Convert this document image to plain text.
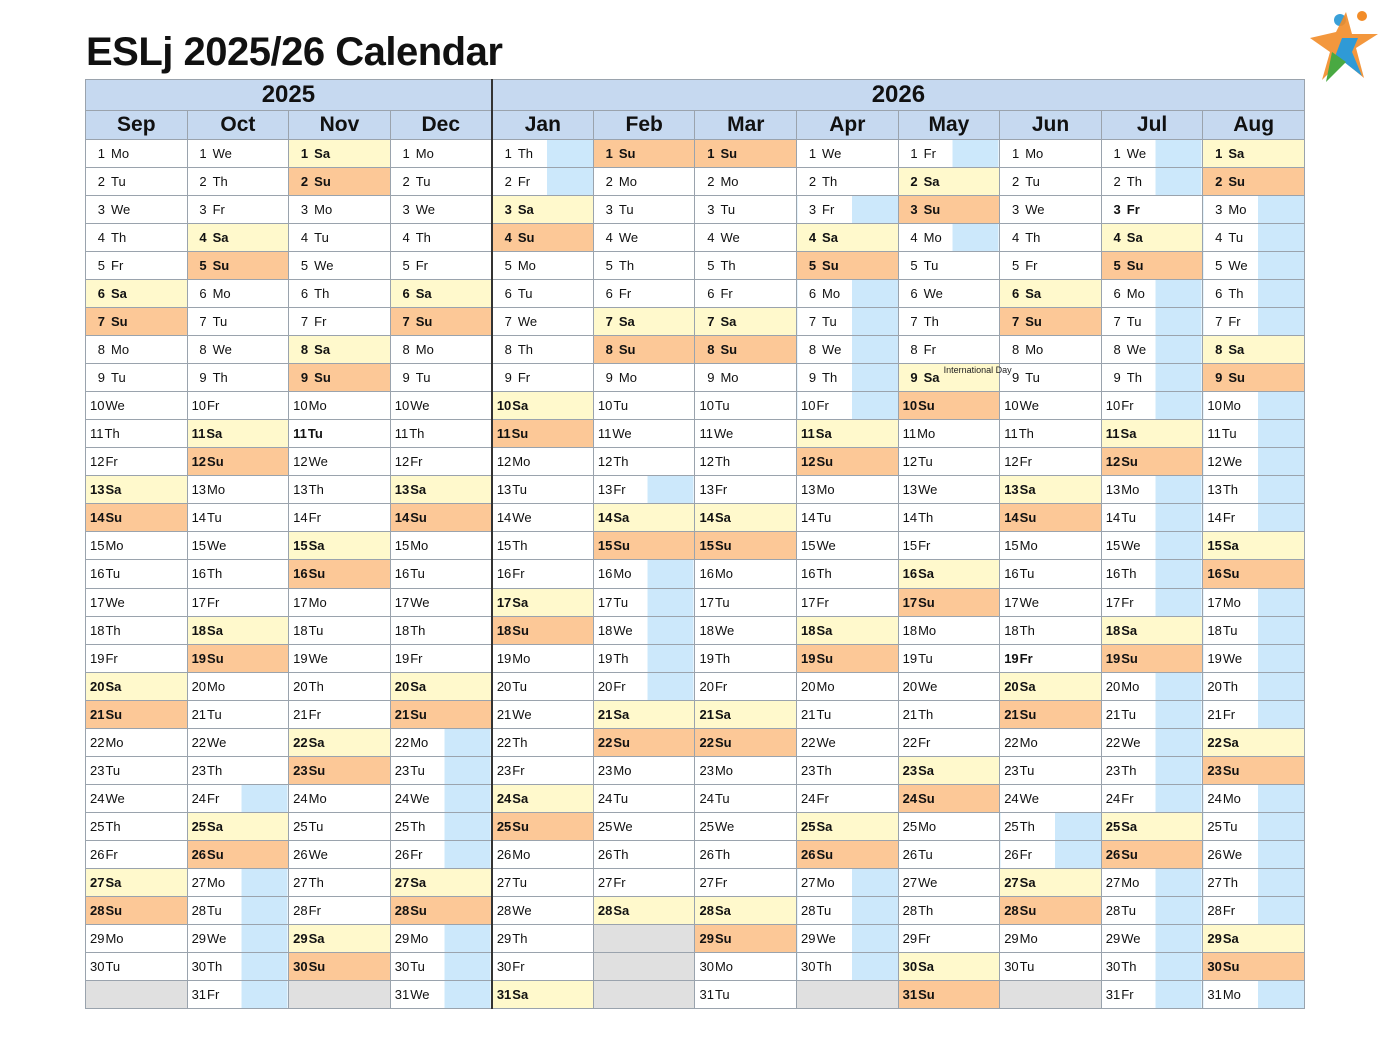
ESLj 2025/26 Calendar
2025				2026							
Sep	Oct	Nov	Dec	Jan	Feb	Mar	Apr	May	Jun	Jul	Aug

1 Mo	1 We	1 Sa	1 Mo	1 Th	1 Su	1 Su	1 We	1 Fr	1 Mo	1 We	1 Sa

2 Tu	2 Th	2 Su	2 Tu	2 Fr	2 Mo	2 Mo	2 Th	2 Sa	2 Tu	2 Th	2 Su

3 We	3 Fr	3 Mo	3 We	3 Sa	3 Tu	3 Tu	3 Fr	3 Su	3 We	3 Fr	3 Mo

4 Th	4 Sa	4 Tu	4 Th	4 Su	4 We	4 We	4 Sa	4 Mo	4 Th	4 Sa	4 Tu

5 Fr	5 Su	5 We	5 Fr	5 Mo	5 Th	5 Th	5 Su	5 Tu	5 Fr	5 Su	5 We

6 Sa	6 Mo	6 Th	6 Sa	6 Tu	6 Fr	6 Fr	6 Mo	6 We	6 Sa	6 Mo	6 Th

7 Su	7 Tu	7 Fr	7 Su	7 We	7 Sa	7 Sa	7 Tu	7 Th	7 Su	7 Tu	7 Fr

8 Mo	8 We	8 Sa	8 Mo	8 Th	8 Su	8 Su	8 We	8 Fr	8 Mo	8 We	8 Sa

9 Tu	9 Th	9 Su	9 Tu	9 Fr	9 Mo	9 Mo	9 Th	9 Sa International Day	9 Tu	9 Th	9 Su

10We	10Fr	10Mo	10We	10Sa	10Tu	10Tu	10Fr	10Su	10We	10Fr	10Mo

11Th	11Sa	11Tu	11Th	11Su	11We	11We	11Sa	11Mo	11Th	11Sa	11Tu

12Fr	12Su	12We	12Fr	12Mo	12Th	12Th	12Su	12Tu	12Fr	12Su	12We

13Sa	13Mo	13Th	13Sa	13Tu	13Fr	13Fr	13Mo	13We	13Sa	13Mo	13Th

14Su	14Tu	14Fr	14Su	14We	14Sa	14Sa	14Tu	14Th	14Su	14Tu	14Fr

15Mo	15We	15Sa	15Mo	15Th	15Su	15Su	15We	15Fr	15Mo	15We	15Sa

16Tu	16Th	16Su	16Tu	16Fr	16Mo	16Mo	16Th	16Sa	16Tu	16Th	16Su

17We	17Fr	17Mo	17We	17Sa	17Tu	17Tu	17Fr	17Su	17We	17Fr	17Mo

18Th	18Sa	18Tu	18Th	18Su	18We	18We	18Sa	18Mo	18Th	18Sa	18Tu

19Fr	19Su	19We	19Fr	19Mo	19Th	19Th	19Su	19Tu	19Fr	19Su	19We

20Sa	20Mo	20Th	20Sa	20Tu	20Fr	20Fr	20Mo	20We	20Sa	20Mo	20Th

21Su	21Tu	21Fr	21Su	21We	21Sa	21Sa	21Tu	21Th	21Su	21Tu	21Fr

22Mo	22We	22Sa	22Mo	22Th	22Su	22Su	22We	22Fr	22Mo	22We	22Sa

23Tu	23Th	23Su	23Tu	23Fr	23Mo	23Mo	23Th	23Sa	23Tu	23Th	23Su

24We	24Fr	24Mo	24We	24Sa	24Tu	24Tu	24Fr	24Su	24We	24Fr	24Mo

25Th	25Sa	25Tu	25Th	25Su	25We	25We	25Sa	25Mo	25Th	25Sa	25Tu

26Fr	26Su	26We	26Fr	26Mo	26Th	26Th	26Su	26Tu	26Fr	26Su	26We

27Sa	27Mo	27Th	27Sa	27Tu	27Fr	27Fr	27Mo	27We	27Sa	27Mo	27Th

28Su	28Tu	28Fr	28Su	28We	28Sa	28Sa	28Tu	28Th	28Su	28Tu	28Fr

29Mo	29We	29Sa	29Mo	29Th		29Su	29We	29Fr	29Mo	29We	29Sa

30Tu	30Th	30Su	30Tu	30Fr		30Mo	30Th	30Sa	30Tu	30Th	30Su

	31Fr		31We	31Sa		31Tu		31Su		31Fr	31Mo
